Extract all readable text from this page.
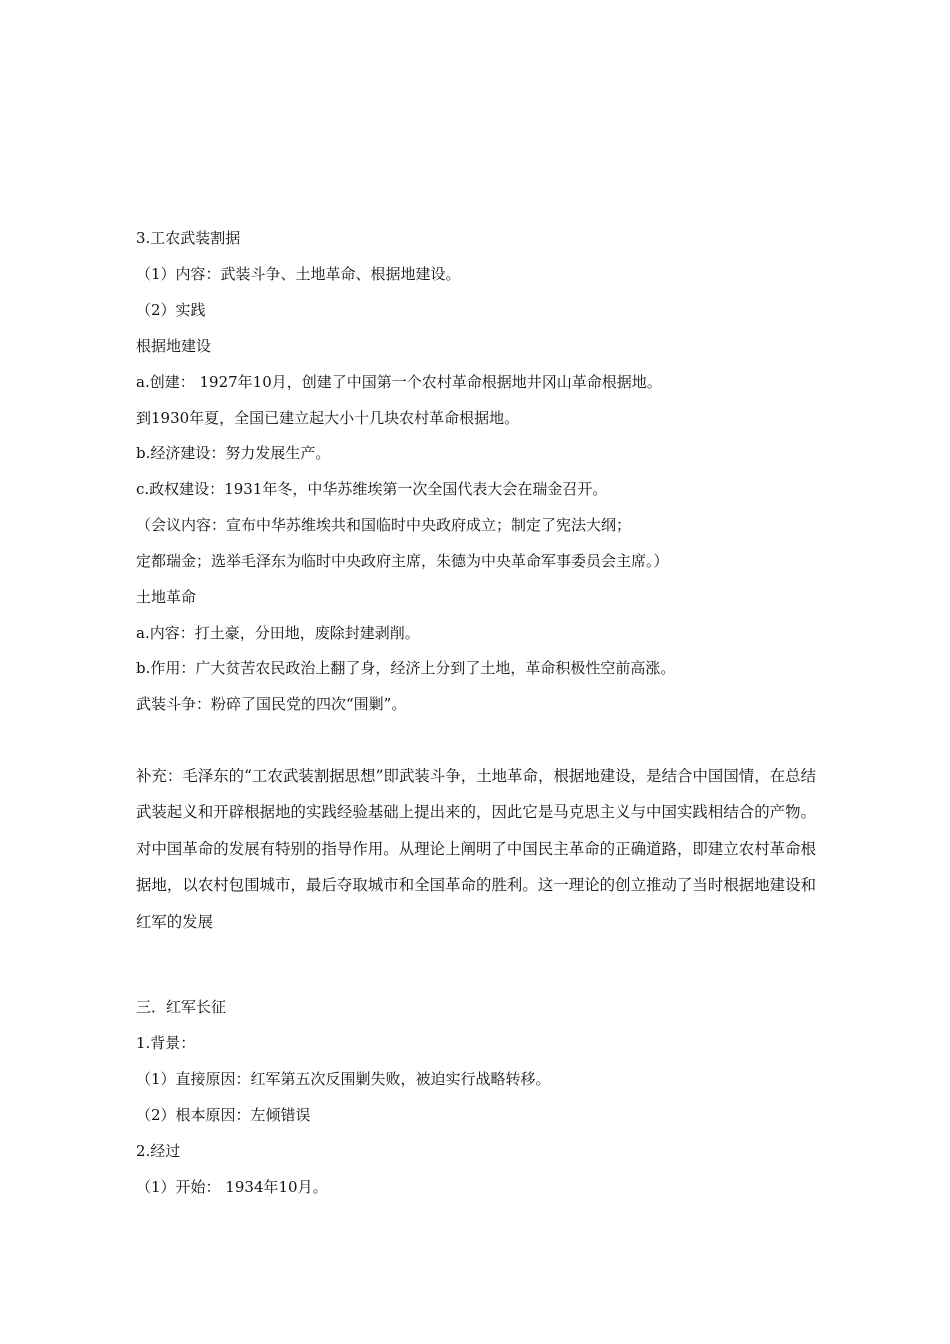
3.工农武装割据
（1）内容：武装斗争、土地革命、根据地建设。
（2）实践
根据地建设
a.创建： 1927年10月，创建了中国第一个农村革命根据地井冈山革命根据地。
到1930年夏，全国已建立起大小十几块农村革命根据地。
b.经济建设：努力发展生产。
c.政权建设：1931年冬，中华苏维埃第一次全国代表大会在瑞金召开。
（会议内容：宣布中华苏维埃共和国临时中央政府成立；制定了宪法大纲；
定都瑞金；选举毛泽东为临时中央政府主席，朱德为中央革命军事委员会主席。）
土地革命
a.内容：打土豪，分田地，废除封建剥削。
b.作用：广大贫苦农民政治上翻了身，经济上分到了土地，革命积极性空前高涨。
武装斗争：粉碎了国民党的四次“围剿”。
补充：毛泽东的“工农武装割据思想”即武装斗争，土地革命，根据地建设，是结合中国国情，在总结武装起义和开辟根据地的实践经验基础上提出来的，因此它是马克思主义与中国实践相结合的产物。对中国革命的发展有特别的指导作用。从理论上阐明了中国民主革命的正确道路，即建立农村革命根据地，以农村包围城市，最后夺取城市和全国革命的胜利。这一理论的创立推动了当时根据地建设和红军的发展
三．红军长征
1.背景：
（1）直接原因：红军第五次反围剿失败，被迫实行战略转移。
（2）根本原因：左倾错误
2.经过
（1）开始： 1934年10月。
